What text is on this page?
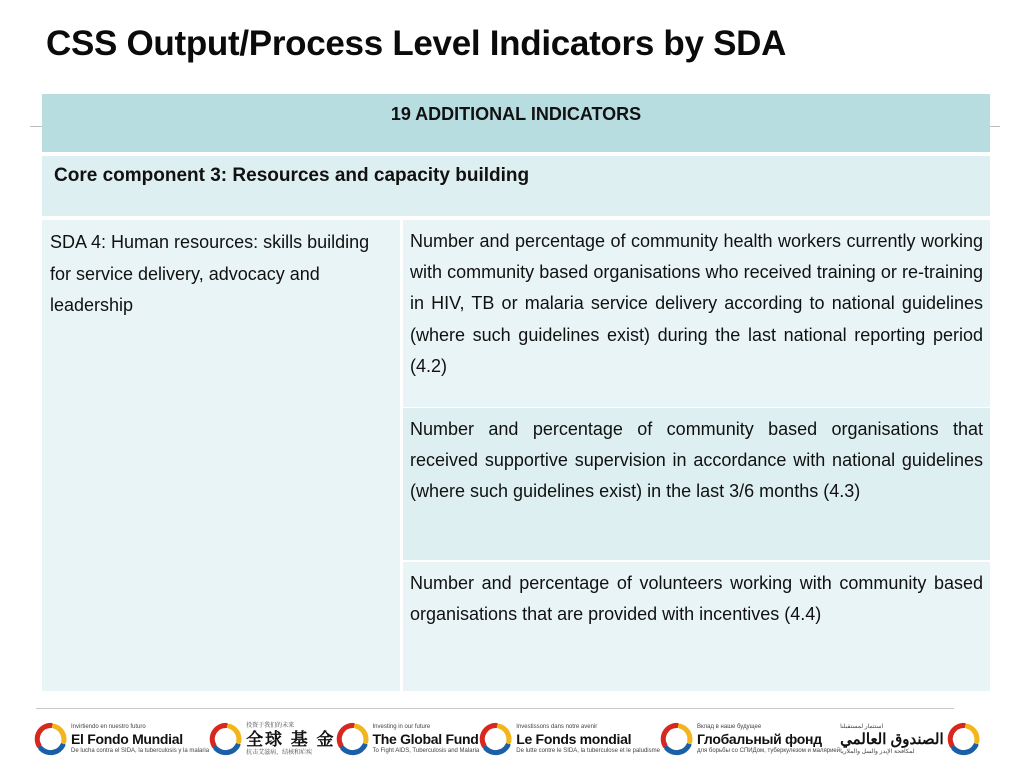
CSS Output/Process Level Indicators by SDA
19 ADDITIONAL INDICATORS
Core component 3: Resources and capacity building
SDA 4: Human resources: skills building for service delivery, advocacy and leadership
Number and percentage of community health workers currently working with community based organisations who received training or re-training in HIV, TB or malaria service delivery according to national guidelines (where such guidelines exist) during the last national reporting period (4.2)
Number and percentage of community based organisations that received supportive supervision in accordance with national guidelines (where such guidelines exist) in the last 3/6 months (4.3)
Number and percentage of volunteers working with community based organisations that are provided with incentives (4.4)
Invirtiendo en nuestro futuro
El Fondo Mundial
De lucha contra el SIDA, la tuberculosis y la malaria
投资于我们的未来
全球 基 金
抗击艾滋病、结核和疟疾
Investing in our future
The Global Fund
To Fight AIDS, Tuberculosis and Malaria
Investissons dans notre avenir
Le Fonds mondial
De lutte contre le SIDA, la tuberculose et le paludisme
Вклад в наше будущее
Глобальный фонд
для борьбы со СПИДом, туберкулезом и малярией
استثمار لمستقبلنا
الصندوق العالمي
لمكافحة الإيدز والسل والملاريا
